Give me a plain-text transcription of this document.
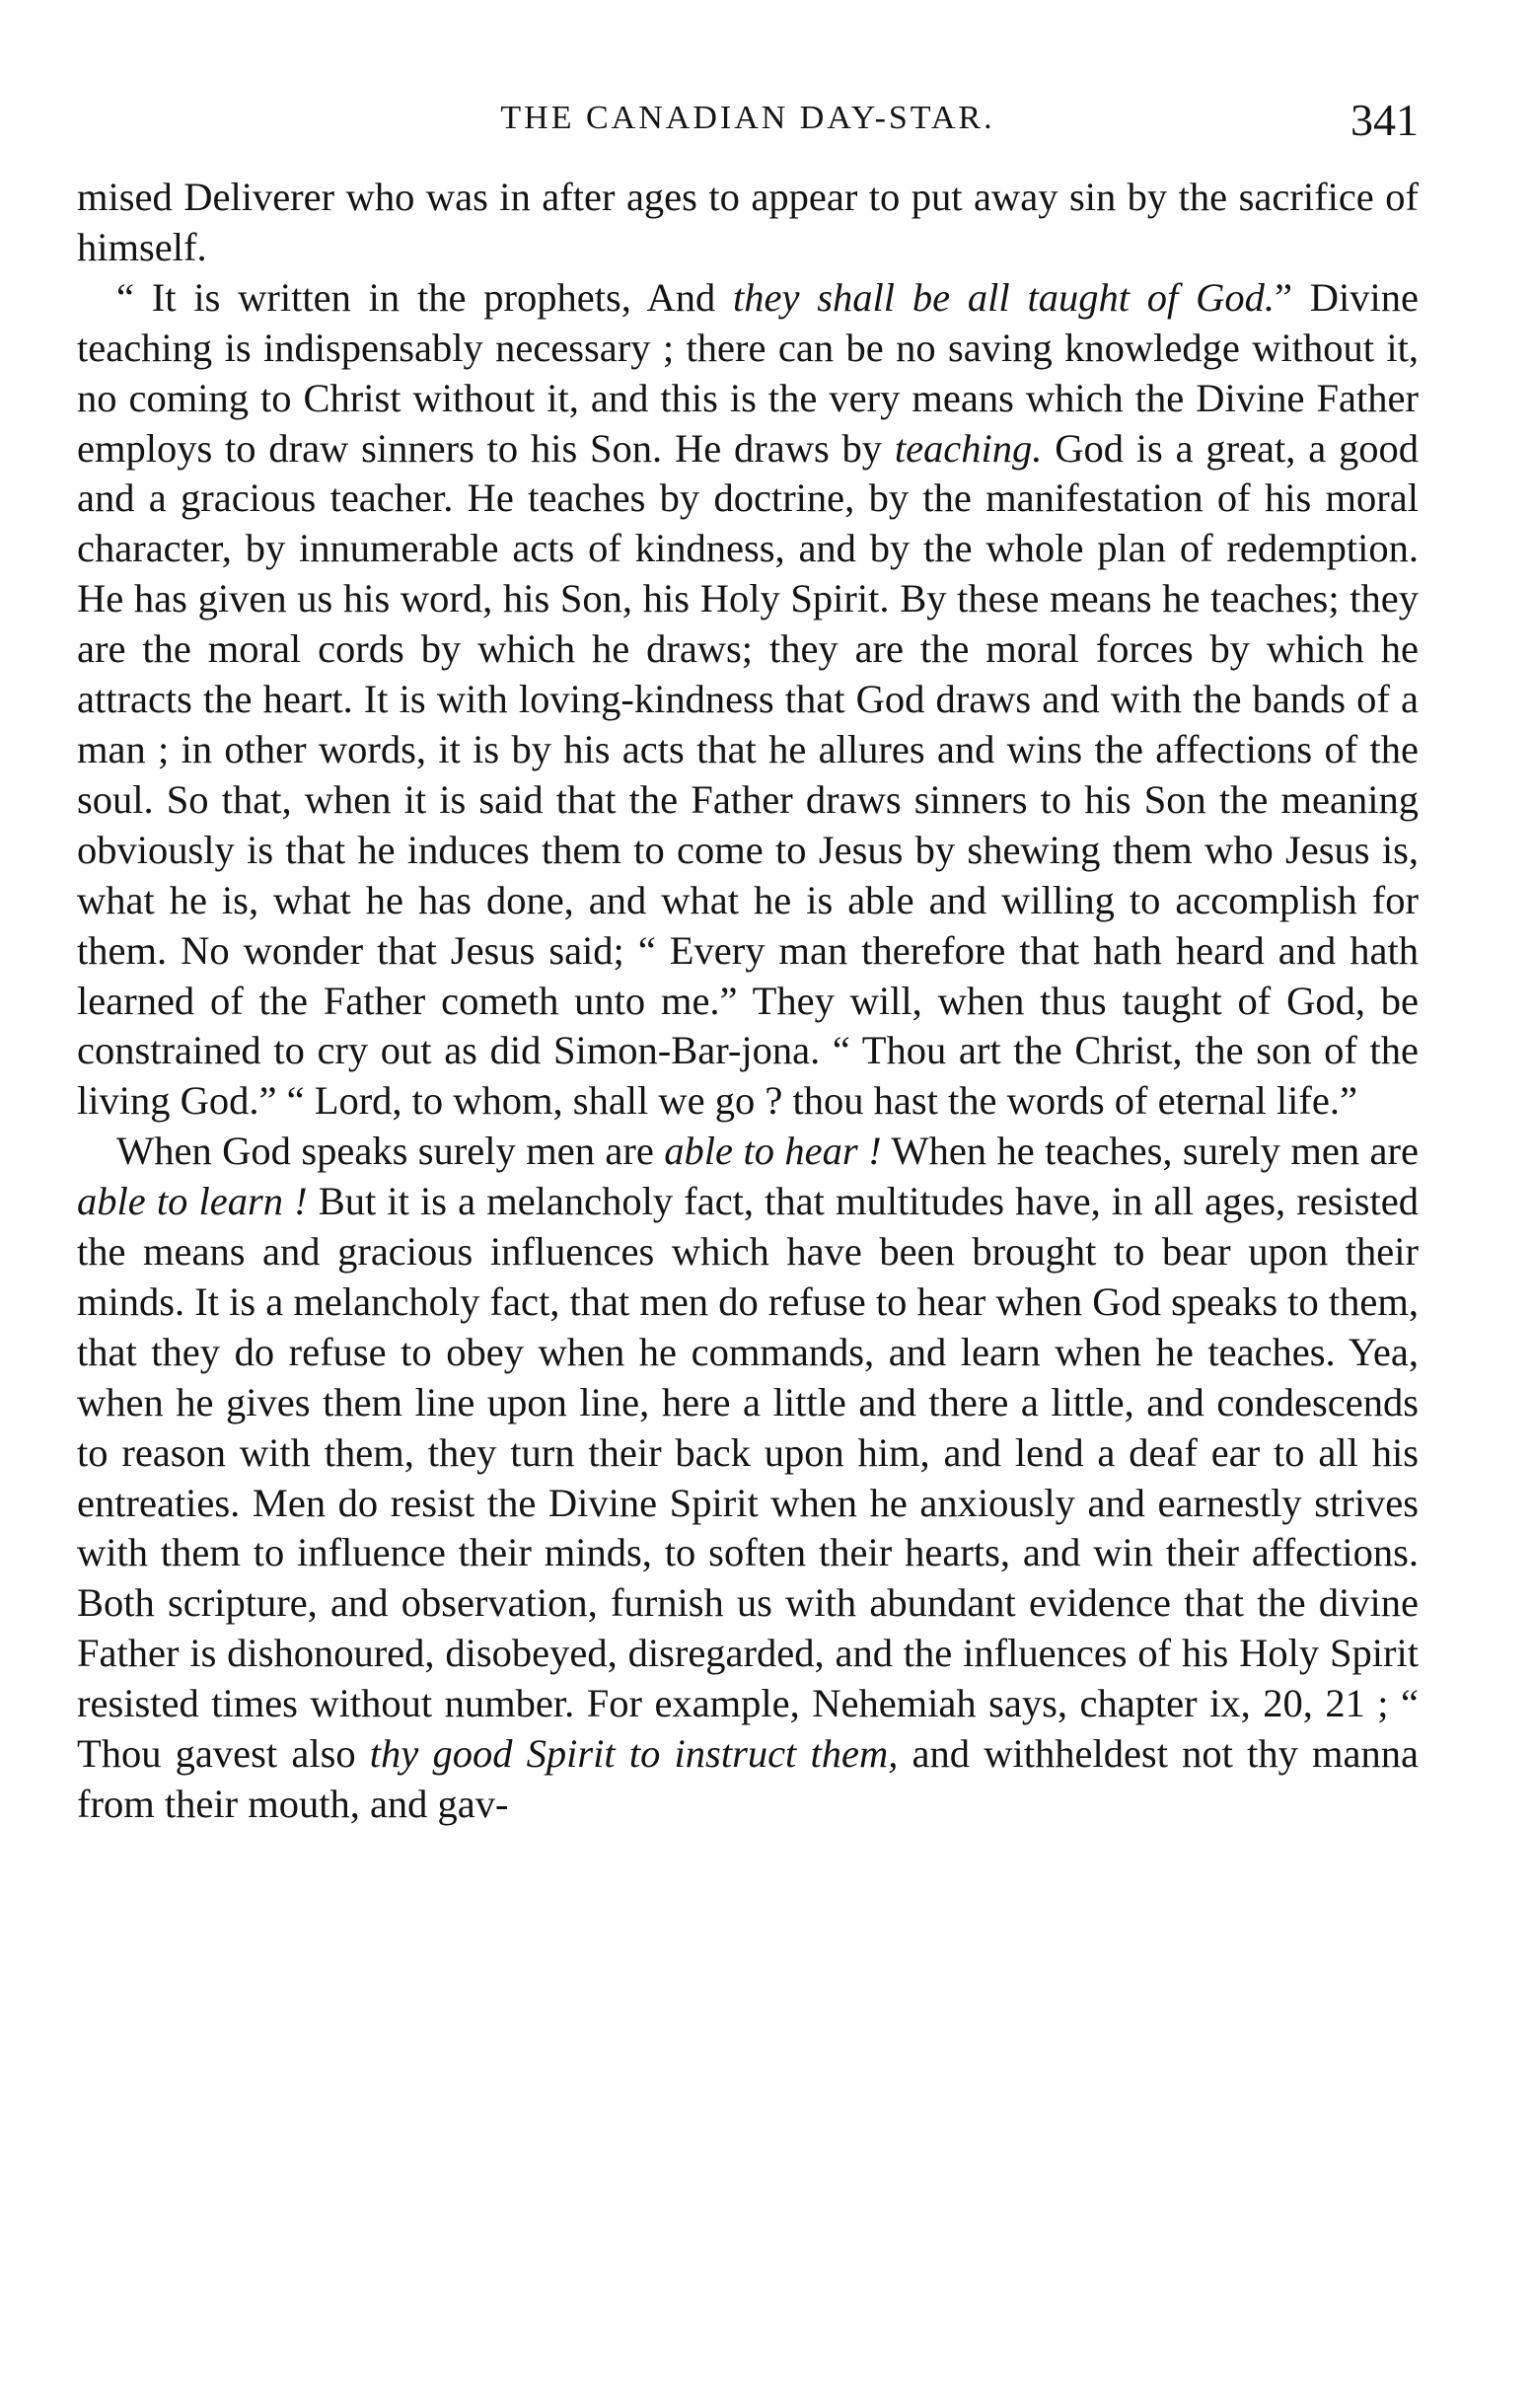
THE CANADIAN DAY-STAR.	341

mised Deliverer who was in after ages to appear to put away sin by the sacrifice of himself.

“ It is written in the prophets, And they shall be all taught of God.” Divine teaching is indispensably necessary ; there can be no saving knowledge without it, no coming to Christ without it, and this is the very means which the Divine Father employs to draw sinners to his Son. He draws by teaching. God is a great, a good and a gracious teacher. He teaches by doctrine, by the manifestation of his moral character, by innumerable acts of kindness, and by the whole plan of redemption. He has given us his word, his Son, his Holy Spirit. By these means he teaches; they are the moral cords by which he draws; they are the moral forces by which he attracts the heart. It is with loving-kindness that God draws and with the bands of a man ; in other words, it is by his acts that he allures and wins the affections of the soul. So that, when it is said that the Father draws sinners to his Son the meaning obviously is that he induces them to come to Jesus by shewing them who Jesus is, what he is, what he has done, and what he is able and willing to accomplish for them. No wonder that Jesus said; “ Every man therefore that hath heard and hath learned of the Father cometh unto me.” They will, when thus taught of God, be constrained to cry out as did Simon-Bar-jona. “ Thou art the Christ, the son of the living God.” “ Lord, to whom, shall we go ? thou hast the words of eternal life.”

When God speaks surely men are able to hear ! When he teaches, surely men are able to learn ! But it is a melancholy fact, that multitudes have, in all ages, resisted the means and gracious influences which have been brought to bear upon their minds. It is a melancholy fact, that men do refuse to hear when God speaks to them, that they do refuse to obey when he commands, and learn when he teaches. Yea, when he gives them line upon line, here a little and there a little, and condescends to reason with them, they turn their back upon him, and lend a deaf ear to all his entreaties. Men do resist the Divine Spirit when he anxiously and earnestly strives with them to influence their minds, to soften their hearts, and win their affections. Both scripture, and observation, furnish us with abundant evidence that the divine Father is dishonoured, disobeyed, disregarded, and the influences of his Holy Spirit resisted times without number. For example, Nehemiah says, chapter ix, 20, 21 ; “ Thou gavest also thy good Spirit to instruct them, and withheldest not thy manna from their mouth, and gav-
